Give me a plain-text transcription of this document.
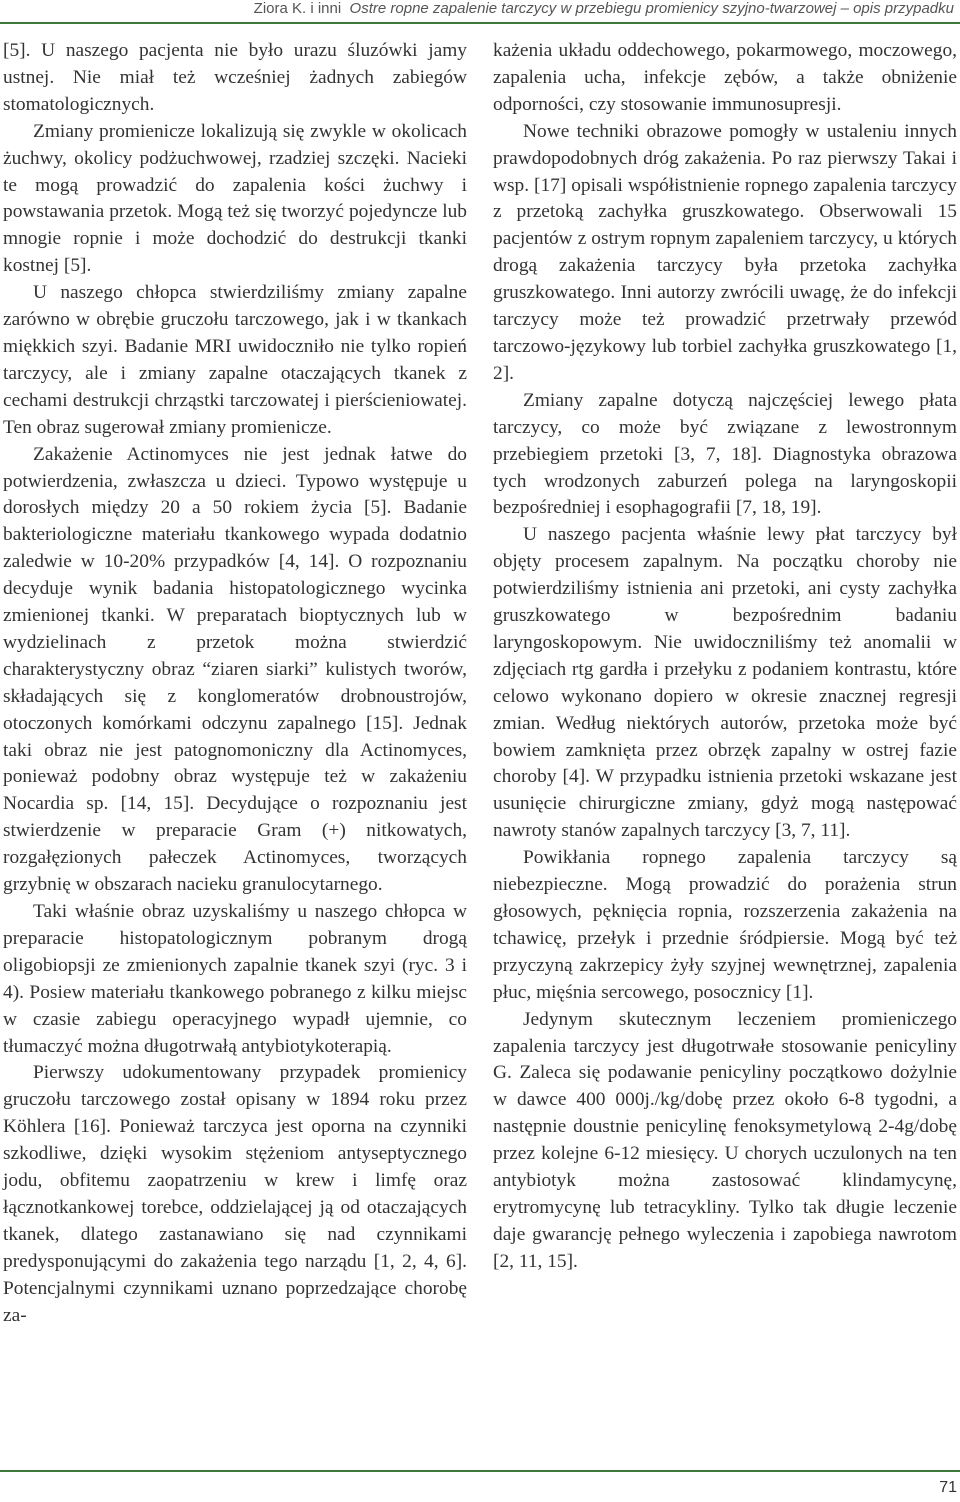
Ziora K. i inni Ostre ropne zapalenie tarczycy w przebiegu promienicy szyjno-twarzowej – opis przypadku

[5]. U naszego pacjenta nie było urazu śluzówki jamy ustnej. Nie miał też wcześniej żadnych zabiegów stomatologicznych.

Zmiany promienicze lokalizują się zwykle w okolicach żuchwy, okolicy podżuchwowej, rzadziej szczęki. Nacieki te mogą prowadzić do zapalenia kości żuchwy i powstawania przetok. Mogą też się tworzyć pojedyncze lub mnogie ropnie i może dochodzić do destrukcji tkanki kostnej [5].

U naszego chłopca stwierdziliśmy zmiany zapalne zarówno w obrębie gruczołu tarczowego, jak i w tkankach miękkich szyi. Badanie MRI uwidoczniło nie tylko ropień tarczycy, ale i zmiany zapalne otaczających tkanek z cechami destrukcji chrząstki tarczowatej i pierścieniowatej. Ten obraz sugerował zmiany promienicze.

Zakażenie Actinomyces nie jest jednak łatwe do potwierdzenia, zwłaszcza u dzieci. Typowo występuje u dorosłych między 20 a 50 rokiem życia [5]. Badanie bakteriologiczne materiału tkankowego wypada dodatnio zaledwie w 10-20% przypadków [4, 14]. O rozpoznaniu decyduje wynik badania histopatologicznego wycinka zmienionej tkanki. W preparatach bioptycznych lub w wydzielinach z przetok można stwierdzić charakterystyczny obraz “ziaren siarki” kulistych tworów, składających się z konglomeratów drobnoustrojów, otoczonych komórkami odczynu zapalnego [15]. Jednak taki obraz nie jest patognomoniczny dla Actinomyces, ponieważ podobny obraz występuje też w zakażeniu Nocardia sp. [14, 15]. Decydujące o rozpoznaniu jest stwierdzenie w preparacie Gram (+) nitkowatych, rozgałęzionych pałeczek Actinomyces, tworzących grzybnię w obszarach nacieku granulocytarnego.

Taki właśnie obraz uzyskaliśmy u naszego chłopca w preparacie histopatologicznym pobranym drogą oligobiopsji ze zmienionych zapalnie tkanek szyi (ryc. 3 i 4). Posiew materiału tkankowego pobranego z kilku miejsc w czasie zabiegu operacyjnego wypadł ujemnie, co tłumaczyć można długotrwałą antybiotykoterapią.

Pierwszy udokumentowany przypadek promienicy gruczołu tarczowego został opisany w 1894 roku przez Köhlera [16]. Ponieważ tarczyca jest oporna na czynniki szkodliwe, dzięki wysokim stężeniom antyseptycznego jodu, obfitemu zaopatrzeniu w krew i limfę oraz łącznotkankowej torebce, oddzielającej ją od otaczających tkanek, dlatego zastanawiano się nad czynnikami predysponującymi do zakażenia tego narządu [1, 2, 4, 6]. Potencjalnymi czynnikami uznano poprzedzające chorobę za-

każenia układu oddechowego, pokarmowego, moczowego, zapalenia ucha, infekcje zębów, a także obniżenie odporności, czy stosowanie immunosupresji.

Nowe techniki obrazowe pomogły w ustaleniu innych prawdopodobnych dróg zakażenia. Po raz pierwszy Takai i wsp. [17] opisali współistnienie ropnego zapalenia tarczycy z przetoką zachyłka gruszkowatego. Obserwowali 15 pacjentów z ostrym ropnym zapaleniem tarczycy, u których drogą zakażenia tarczycy była przetoka zachyłka gruszkowatego. Inni autorzy zwrócili uwagę, że do infekcji tarczycy może też prowadzić przetrwały przewód tarczowo-językowy lub torbiel zachyłka gruszkowatego [1, 2].

Zmiany zapalne dotyczą najczęściej lewego płata tarczycy, co może być związane z lewostronnym przebiegiem przetoki [3, 7, 18]. Diagnostyka obrazowa tych wrodzonych zaburzeń polega na laryngoskopii bezpośredniej i esophagografii [7, 18, 19].

U naszego pacjenta właśnie lewy płat tarczycy był objęty procesem zapalnym. Na początku choroby nie potwierdziliśmy istnienia ani przetoki, ani cysty zachyłka gruszkowatego w bezpośrednim badaniu laryngoskopowym. Nie uwidoczniliśmy też anomalii w zdjęciach rtg gardła i przełyku z podaniem kontrastu, które celowo wykonano dopiero w okresie znacznej regresji zmian. Według niektórych autorów, przetoka może być bowiem zamknięta przez obrzęk zapalny w ostrej fazie choroby [4]. W przypadku istnienia przetoki wskazane jest usunięcie chirurgiczne zmiany, gdyż mogą następować nawroty stanów zapalnych tarczycy [3, 7, 11].

Powikłania ropnego zapalenia tarczycy są niebezpieczne. Mogą prowadzić do porażenia strun głosowych, pęknięcia ropnia, rozszerzenia zakażenia na tchawicę, przełyk i przednie śródpiersie. Mogą być też przyczyną zakrzepicy żyły szyjnej wewnętrznej, zapalenia płuc, mięśnia sercowego, posocznicy [1].

Jedynym skutecznym leczeniem promieniczego zapalenia tarczycy jest długotrwałe stosowanie penicyliny G. Zaleca się podawanie penicyliny początkowo dożylnie w dawce 400 000j./kg/dobę przez około 6-8 tygodni, a następnie doustnie penicylinę fenoksymetylową 2-4g/dobę przez kolejne 6-12 miesięcy. U chorych uczulonych na ten antybiotyk można zastosować klindamycynę, erytromycynę lub tetracykliny. Tylko tak długie leczenie daje gwarancję pełnego wyleczenia i zapobiega nawrotom [2, 11, 15].

71
